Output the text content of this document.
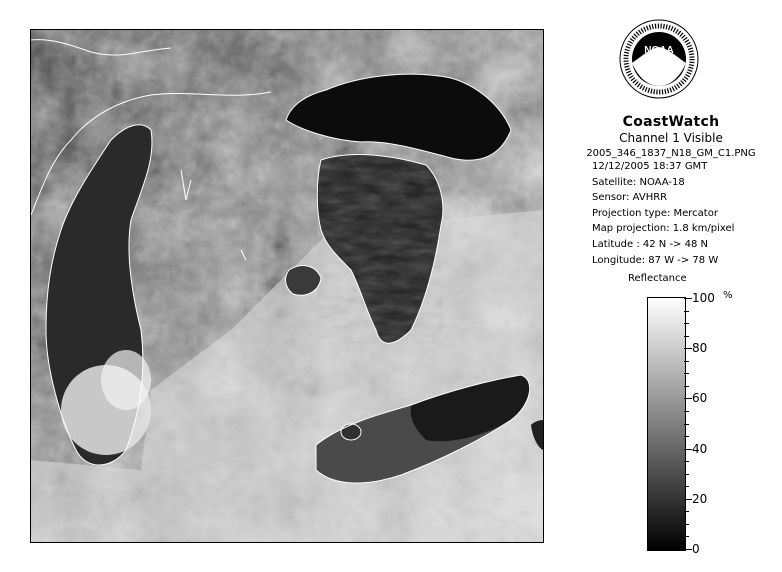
NOAA
CoastWatch
Channel 1 Visible
2005_346_1837_N18_GM_C1.PNG
12/12/2005 18:37 GMT
Satellite: NOAA-18
Sensor: AVHRR
Projection type: Mercator
Map projection: 1.8 km/pixel
Latitude : 42 N -> 48 N
Longitude: 87 W -> 78 W
Reflectance
100
80
60
40
20
0
%
